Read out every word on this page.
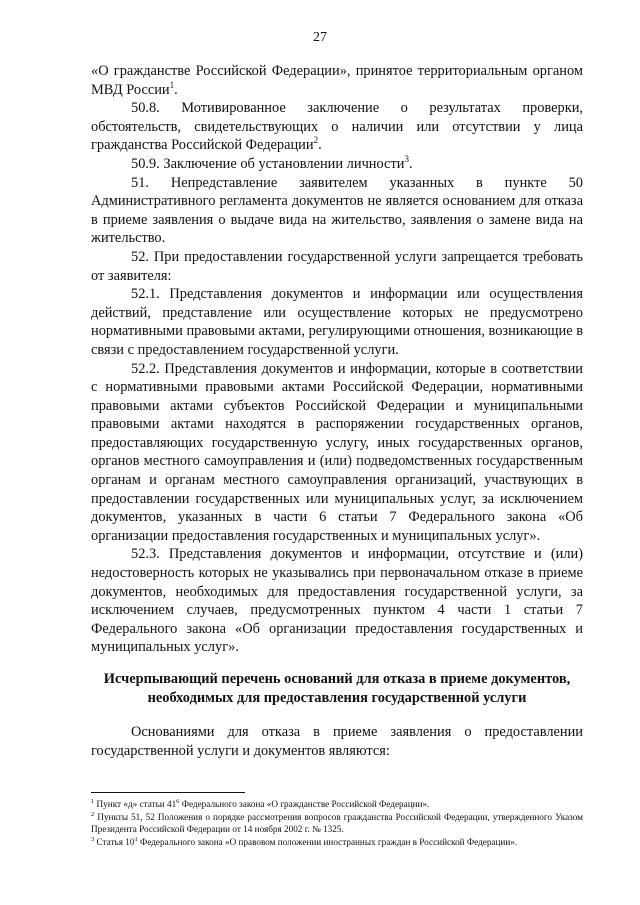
27

«О гражданстве Российской Федерации», принятое территориальным органом МВД России$^1$.

50.8. Мотивированное заключение о результатах проверки, обстоятельств, свидетельствующих о наличии или отсутствии у лица гражданства Российской Федерации$^2$.

50.9. Заключение об установлении личности$^3$.

51. Непредставление заявителем указанных в пункте 50 Административного регламента документов не является основанием для отказа в приеме заявления о выдаче вида на жительство, заявления о замене вида на жительство.

52. При предоставлении государственной услуги запрещается требовать от заявителя:

52.1. Представления документов и информации или осуществления действий, представление или осуществление которых не предусмотрено нормативными правовыми актами, регулирующими отношения, возникающие в связи с предоставлением государственной услуги.

52.2. Представления документов и информации, которые в соответствии с нормативными правовыми актами Российской Федерации, нормативными правовыми актами субъектов Российской Федерации и муниципальными правовыми актами находятся в распоряжении государственных органов, предоставляющих государственную услугу, иных государственных органов, органов местного самоуправления и (или) подведомственных государственным органам и органам местного самоуправления организаций, участвующих в предоставлении государственных или муниципальных услуг, за исключением документов, указанных в части 6 статьи 7 Федерального закона «Об организации предоставления государственных и муниципальных услуг».

52.3. Представления документов и информации, отсутствие и (или) недостоверность которых не указывались при первоначальном отказе в приеме документов, необходимых для предоставления государственной услуги, за исключением случаев, предусмотренных пунктом 4 части 1 статьи 7 Федерального закона «Об организации предоставления государственных и муниципальных услуг».

Исчерпывающий перечень оснований для отказа в приеме документов, необходимых для предоставления государственной услуги
Основаниями для отказа в приеме заявления о предоставлении государственной услуги и документов являются:

$^1$ Пункт «д» статьи $41^6$ Федерального закона «О гражданстве Российской Федерации».

$^2$ Пункты 51, 52 Положения о порядке рассмотрения вопросов гражданства Российской Федерации, утвержденного Указом Президента Российской Федерации от 14 ноября 2002 г. № 1325.

$^3$ Статья $10^1$ Федерального закона «О правовом положении иностранных граждан в Российской Федерации».
